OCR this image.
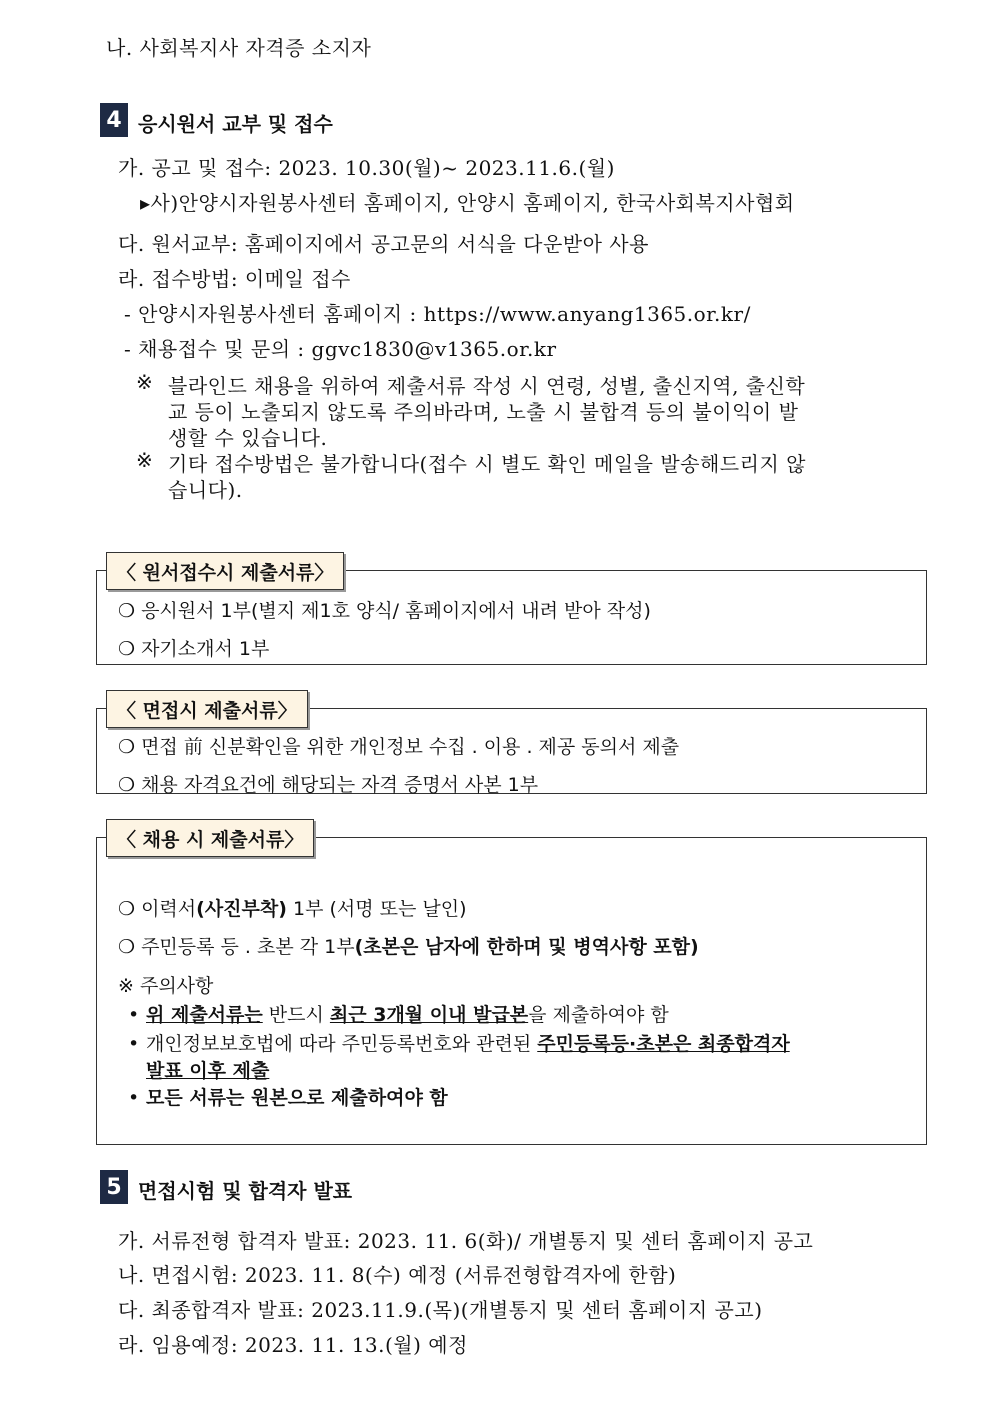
나. 사회복지사 자격증 소지자
4 응시원서 교부 및 접수
가. 공고 및 접수: 2023. 10.30(월)~ 2023.11.6.(월)
▸사)안양시자원봉사센터 홈페이지, 안양시 홈페이지, 한국사회복지사협회
다. 원서교부: 홈페이지에서 공고문의 서식을 다운받아 사용
라. 접수방법: 이메일 접수
- 안양시자원봉사센터 홈페이지 : https://www.anyang1365.or.kr/
- 채용접수 및 문의 : ggvc1830@v1365.or.kr
※ 블라인드 채용을 위하여 제출서류 작성 시 연령, 성별, 출신지역, 출신학
교 등이 노출되지 않도록 주의바라며, 노출 시 불합격 등의 불이익이 발
생할 수 있습니다.
※ 기타 접수방법은 불가합니다(접수 시 별도 확인 메일을 발송해드리지 않
습니다).
〈 원서접수시 제출서류〉
❍ 응시원서 1부(별지 제1호 양식/ 홈페이지에서 내려 받아 작성)
❍ 자기소개서 1부
〈 면접시 제출서류〉
❍ 면접 前 신분확인을 위한 개인정보 수집 . 이용 . 제공 동의서 제출
❍ 채용 자격요건에 해당되는 자격 증명서 사본 1부
〈 채용 시 제출서류〉
❍ 이력서(사진부착) 1부 (서명 또는 날인)
❍ 주민등록 등 . 초본 각 1부(초본은 남자에 한하며 및 병역사항 포함)
※ 주의사항
• 위 제출서류는 반드시 최근 3개월 이내 발급본을 제출하여야 함
• 개인정보보호법에 따라 주민등록번호와 관련된 주민등록등·초본은 최종합격자
발표 이후 제출
• 모든 서류는 원본으로 제출하여야 함
5 면접시험 및 합격자 발표
가. 서류전형 합격자 발표: 2023. 11. 6(화)/ 개별통지 및 센터 홈페이지 공고
나. 면접시험: 2023. 11. 8(수) 예정 (서류전형합격자에 한함)
다. 최종합격자 발표: 2023.11.9.(목)(개별통지 및 센터 홈페이지 공고)
라. 임용예정: 2023. 11. 13.(월) 예정
